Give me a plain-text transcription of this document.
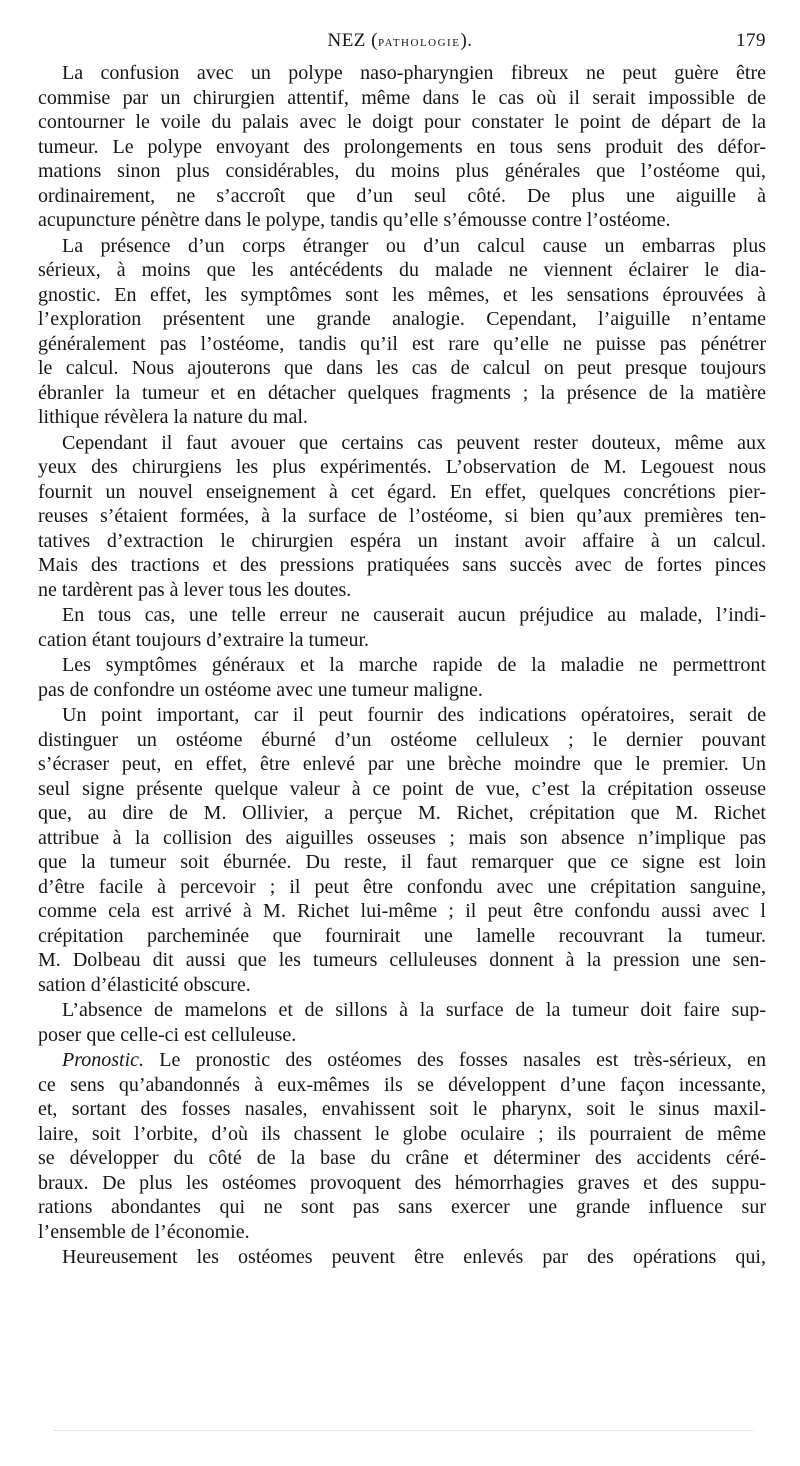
NEZ (pathologie).	179
La confusion avec un polype naso-pharyngien fibreux ne peut guère être
commise par un chirurgien attentif, même dans le cas où il serait impossible de
contourner le voile du palais avec le doigt pour constater le point de départ de la
tumeur. Le polype envoyant des prolongements en tous sens produit des défor-
mations sinon plus considérables, du moins plus générales que l’ostéome qui,
ordinairement, ne s’accroît que d’un seul côté. De plus une aiguille à
acupuncture pénètre dans le polype, tandis qu’elle s’émousse contre l’ostéome.
La présence d’un corps étranger ou d’un calcul cause un embarras plus
sérieux, à moins que les antécédents du malade ne viennent éclairer le dia-
gnostic. En effet, les symptômes sont les mêmes, et les sensations éprouvées à
l’exploration présentent une grande analogie. Cependant, l’aiguille n’entame
généralement pas l’ostéome, tandis qu’il est rare qu’elle ne puisse pas pénétrer
le calcul. Nous ajouterons que dans les cas de calcul on peut presque toujours
ébranler la tumeur et en détacher quelques fragments ; la présence de la matière
lithique révèlera la nature du mal.
Cependant il faut avouer que certains cas peuvent rester douteux, même aux
yeux des chirurgiens les plus expérimentés. L’observation de M. Legouest nous
fournit un nouvel enseignement à cet égard. En effet, quelques concrétions pier-
reuses s’étaient formées, à la surface de l’ostéome, si bien qu’aux premières ten-
tatives d’extraction le chirurgien espéra un instant avoir affaire à un calcul.
Mais des tractions et des pressions pratiquées sans succès avec de fortes pinces
ne tardèrent pas à lever tous les doutes.
En tous cas, une telle erreur ne causerait aucun préjudice au malade, l’indi-
cation étant toujours d’extraire la tumeur.
Les symptômes généraux et la marche rapide de la maladie ne permettront
pas de confondre un ostéome avec une tumeur maligne.
Un point important, car il peut fournir des indications opératoires, serait de
distinguer un ostéome éburné d’un ostéome celluleux ; le dernier pouvant
s’écraser peut, en effet, être enlevé par une brèche moindre que le premier. Un
seul signe présente quelque valeur à ce point de vue, c’est la crépitation osseuse
que, au dire de M. Ollivier, a perçue M. Richet, crépitation que M. Richet
attribue à la collision des aiguilles osseuses ; mais son absence n’implique pas
que la tumeur soit éburnée. Du reste, il faut remarquer que ce signe est loin
d’être facile à percevoir ; il peut être confondu avec une crépitation sanguine,
comme cela est arrivé à M. Richet lui-même ; il peut être confondu aussi avec l
crépitation parcheminée que fournirait une lamelle recouvrant la tumeur.
M. Dolbeau dit aussi que les tumeurs celluleuses donnent à la pression une sen-
sation d’élasticité obscure.
L’absence de mamelons et de sillons à la surface de la tumeur doit faire sup-
poser que celle-ci est celluleuse.
Pronostic. Le pronostic des ostéomes des fosses nasales est très-sérieux, en
ce sens qu’abandonnés à eux-mêmes ils se développent d’une façon incessante,
et, sortant des fosses nasales, envahissent soit le pharynx, soit le sinus maxil-
laire, soit l’orbite, d’où ils chassent le globe oculaire ; ils pourraient de même
se développer du côté de la base du crâne et déterminer des accidents céré-
braux. De plus les ostéomes provoquent des hémorrhagies graves et des suppu-
rations abondantes qui ne sont pas sans exercer une grande influence sur
l’ensemble de l’économie.
Heureusement les ostéomes peuvent être enlevés par des opérations qui,
